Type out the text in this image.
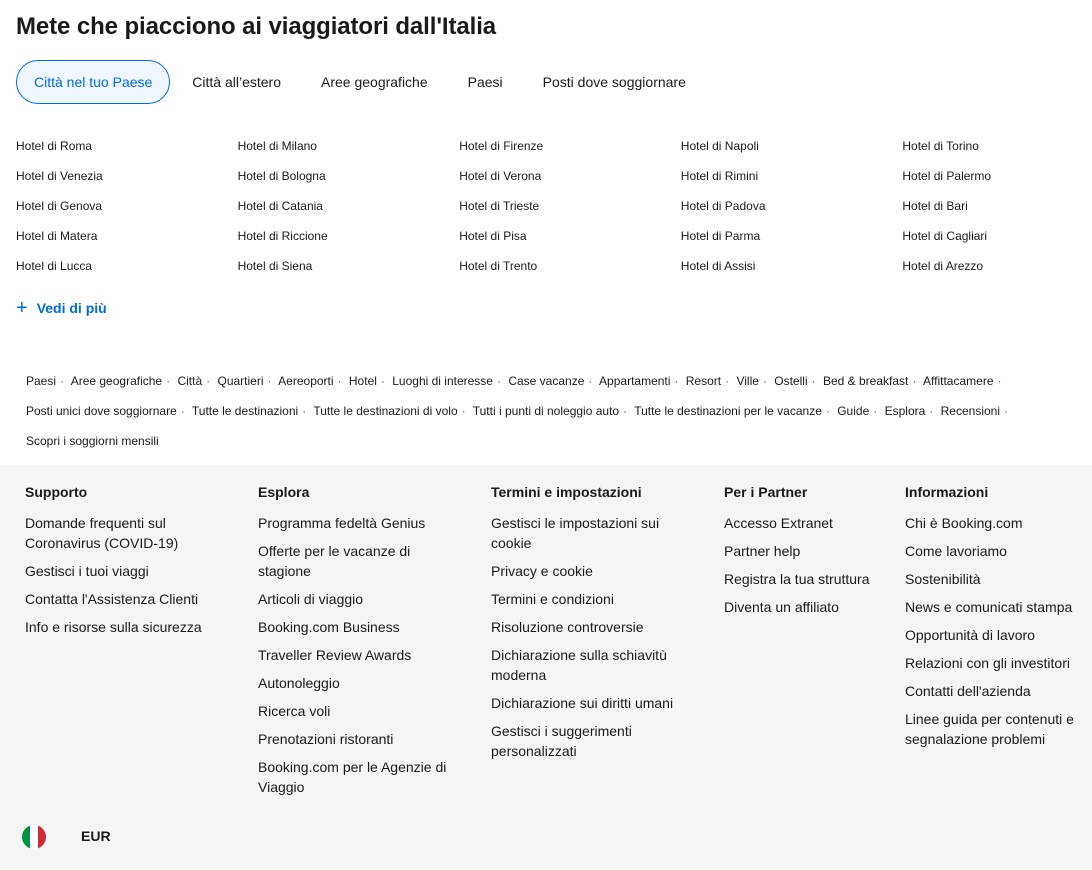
Mete che piacciono ai viaggiatori dall'Italia
Città nel tuo Paese	Città all’estero	Aree geografiche	Paesi	Posti dove soggiornare
Hotel di Roma	Hotel di Milano	Hotel di Firenze	Hotel di Napoli	Hotel di Torino
Hotel di Venezia	Hotel di Bologna	Hotel di Verona	Hotel di Rimini	Hotel di Palermo
Hotel di Genova	Hotel di Catania	Hotel di Trieste	Hotel di Padova	Hotel di Bari
Hotel di Matera	Hotel di Riccione	Hotel di Pisa	Hotel di Parma	Hotel di Cagliari
Hotel di Lucca	Hotel di Siena	Hotel di Trento	Hotel di Assisi	Hotel di Arezzo
+ Vedi di più
Paesi · Aree geografiche · Città · Quartieri · Aereoporti · Hotel · Luoghi di interesse · Case vacanze · Appartamenti · Resort · Ville · Ostelli · Bed & breakfast · Affittacamere · Posti unici dove soggiornare · Tutte le destinazioni · Tutte le destinazioni di volo · Tutti i punti di noleggio auto · Tutte le destinazioni per le vacanze · Guide · Esplora · Recensioni · Scopri i soggiorni mensili
Supporto
Domande frequenti sul Coronavirus (COVID-19)
Gestisci i tuoi viaggi
Contatta l'Assistenza Clienti
Info e risorse sulla sicurezza
Esplora
Programma fedeltà Genius
Offerte per le vacanze di stagione
Articoli di viaggio
Booking.com Business
Traveller Review Awards
Autonoleggio
Ricerca voli
Prenotazioni ristoranti
Booking.com per le Agenzie di Viaggio
Termini e impostazioni
Gestisci le impostazioni sui cookie
Privacy e cookie
Termini e condizioni
Risoluzione controversie
Dichiarazione sulla schiavitù moderna
Dichiarazione sui diritti umani
Gestisci i suggerimenti personalizzati
Per i Partner
Accesso Extranet
Partner help
Registra la tua struttura
Diventa un affiliato
Informazioni
Chi è Booking.com
Come lavoriamo
Sostenibilità
News e comunicati stampa
Opportunità di lavoro
Relazioni con gli investitori
Contatti dell'azienda
Linee guida per contenuti e segnalazione problemi
EUR
